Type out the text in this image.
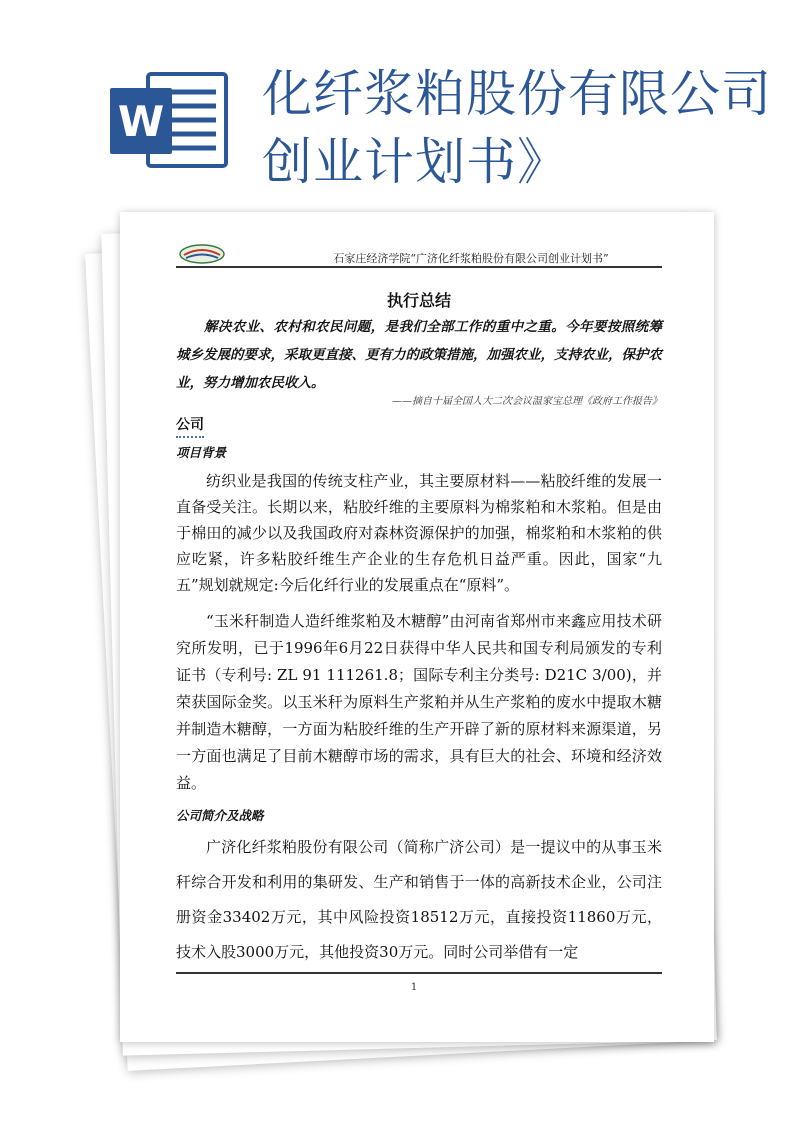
W 化纤浆粕股份有限公司创业计划书》
石家庄经济学院“广济化纤浆粕股份有限公司创业计划书”
执行总结
解决农业、农村和农民问题，是我们全部工作的重中之重。今年要按照统筹城乡发展的要求，采取更直接、更有力的政策措施，加强农业，支持农业，保护农业，努力增加农民收入。
——摘自十届全国人大二次会议温家宝总理《政府工作报告》
公司
项目背景
纺织业是我国的传统支柱产业，其主要原材料——粘胶纤维的发展一直备受关注。长期以来，粘胶纤维的主要原料为棉浆粕和木浆粕。但是由于棉田的减少以及我国政府对森林资源保护的加强，棉浆粕和木浆粕的供应吃紧，许多粘胶纤维生产企业的生存危机日益严重。因此，国家“九五”规划就规定:今后化纤行业的发展重点在“原料”。
“玉米秆制造人造纤维浆粕及木糖醇”由河南省郑州市来鑫应用技术研究所发明，已于1996年6月22日获得中华人民共和国专利局颁发的专利证书（专利号: ZL 91 111261.8；国际专利主分类号: D21C 3/00)，并荣获国际金奖。以玉米秆为原料生产浆粕并从生产浆粕的废水中提取木糖并制造木糖醇，一方面为粘胶纤维的生产开辟了新的原材料来源渠道，另一方面也满足了目前木糖醇市场的需求，具有巨大的社会、环境和经济效益。
公司简介及战略
广济化纤浆粕股份有限公司（简称广济公司）是一提议中的从事玉米秆综合开发和利用的集研发、生产和销售于一体的高新技术企业，公司注册资金33402万元，其中风险投资18512万元，直接投资11860万元，技术入股3000万元，其他投资30万元。同时公司举借有一定
1
